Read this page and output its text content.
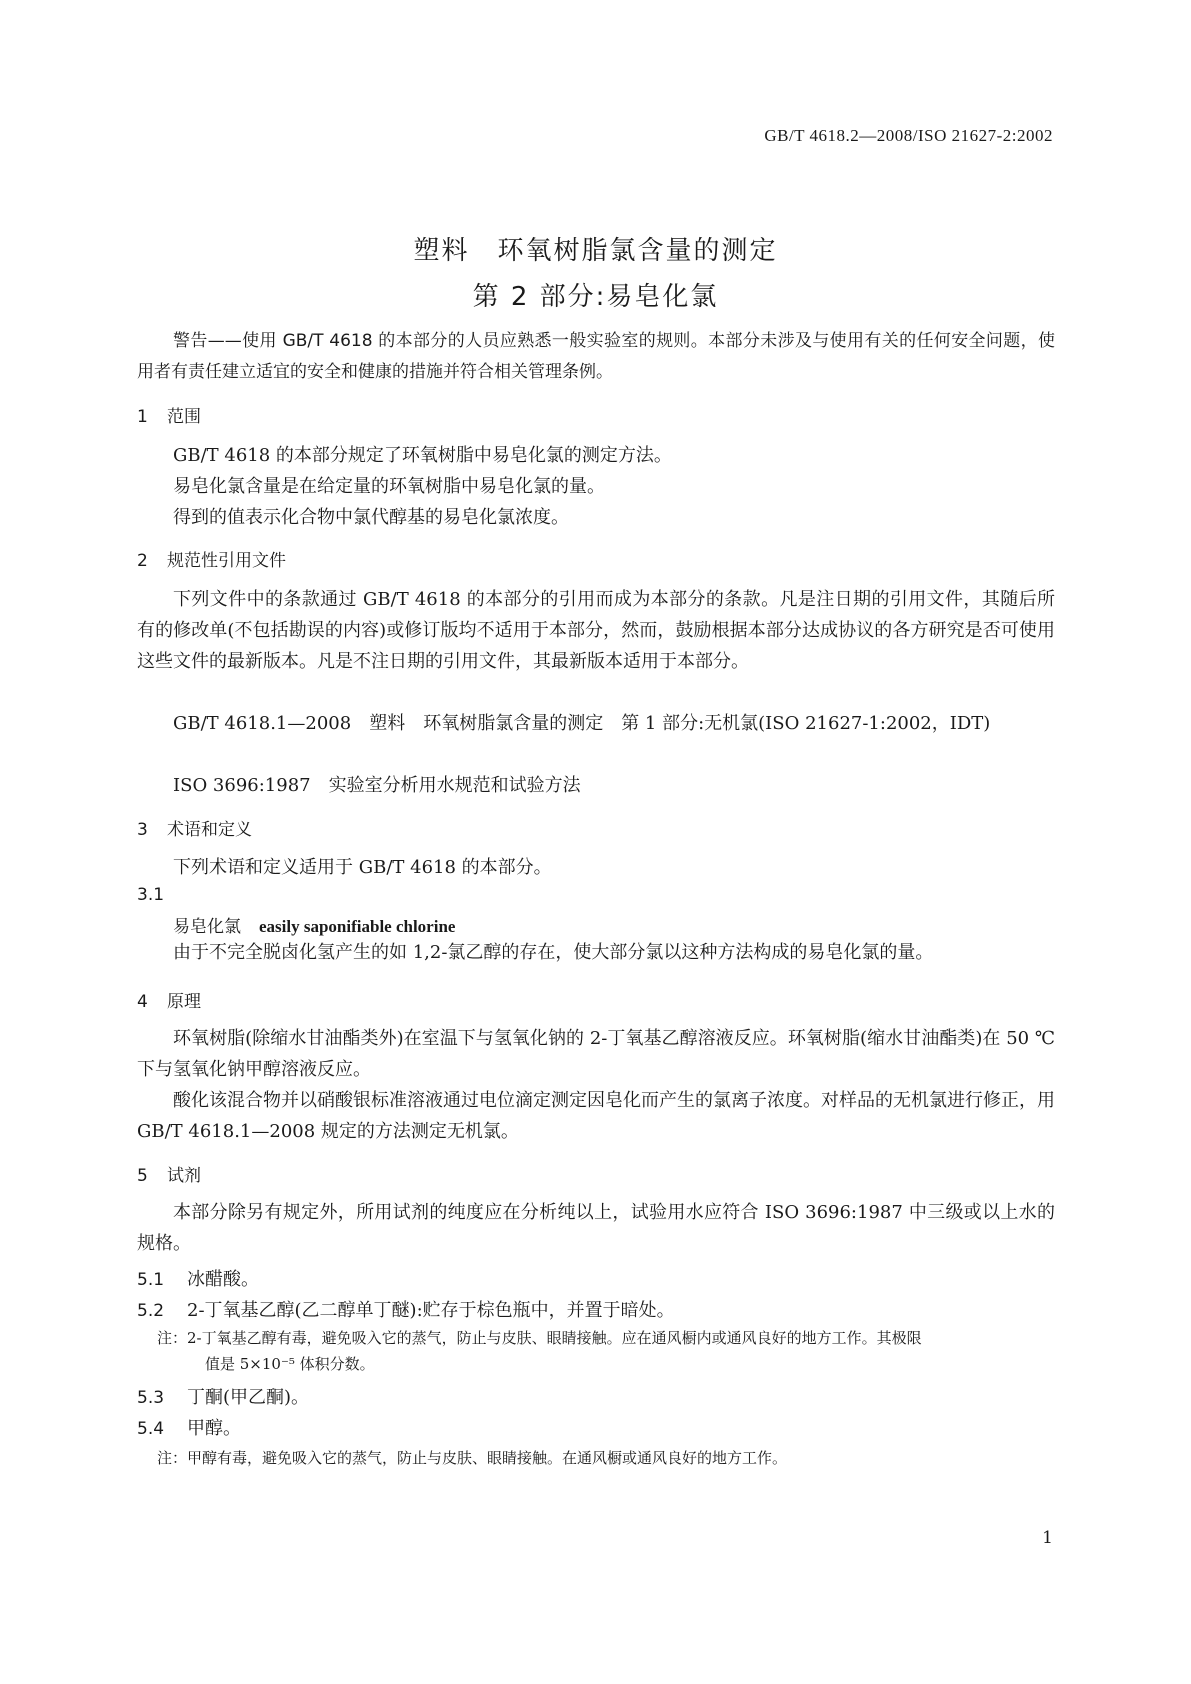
GB/T 4618.2—2008/ISO 21627-2:2002
塑料　环氧树脂氯含量的测定
第 2 部分:易皂化氯
警告——使用 GB/T 4618 的本部分的人员应熟悉一般实验室的规则。本部分未涉及与使用有关的任何安全问题，使用者有责任建立适宜的安全和健康的措施并符合相关管理条例。
1 范围
GB/T 4618 的本部分规定了环氧树脂中易皂化氯的测定方法。
易皂化氯含量是在给定量的环氧树脂中易皂化氯的量。
得到的值表示化合物中氯代醇基的易皂化氯浓度。
2 规范性引用文件
下列文件中的条款通过 GB/T 4618 的本部分的引用而成为本部分的条款。凡是注日期的引用文件，其随后所有的修改单(不包括勘误的内容)或修订版均不适用于本部分，然而，鼓励根据本部分达成协议的各方研究是否可使用这些文件的最新版本。凡是不注日期的引用文件，其最新版本适用于本部分。
GB/T 4618.1—2008　塑料　环氧树脂氯含量的测定　第 1 部分:无机氯(ISO 21627-1:2002，IDT)
ISO 3696:1987　实验室分析用水规范和试验方法
3 术语和定义
下列术语和定义适用于 GB/T 4618 的本部分。
3.1
易皂化氯 easily saponifiable chlorine
由于不完全脱卤化氢产生的如 1,2-氯乙醇的存在，使大部分氯以这种方法构成的易皂化氯的量。
4 原理
环氧树脂(除缩水甘油酯类外)在室温下与氢氧化钠的 2-丁氧基乙醇溶液反应。环氧树脂(缩水甘油酯类)在 50 ℃下与氢氧化钠甲醇溶液反应。
酸化该混合物并以硝酸银标准溶液通过电位滴定测定因皂化而产生的氯离子浓度。对样品的无机氯进行修正，用 GB/T 4618.1—2008 规定的方法测定无机氯。
5 试剂
本部分除另有规定外，所用试剂的纯度应在分析纯以上，试验用水应符合 ISO 3696:1987 中三级或以上水的规格。
5.1 冰醋酸。
5.2 2-丁氧基乙醇(乙二醇单丁醚):贮存于棕色瓶中，并置于暗处。
注：2-丁氧基乙醇有毒，避免吸入它的蒸气，防止与皮肤、眼睛接触。应在通风橱内或通风良好的地方工作。其极限
值是 5×10⁻⁵ 体积分数。
5.3 丁酮(甲乙酮)。
5.4 甲醇。
注：甲醇有毒，避免吸入它的蒸气，防止与皮肤、眼睛接触。在通风橱或通风良好的地方工作。
1
